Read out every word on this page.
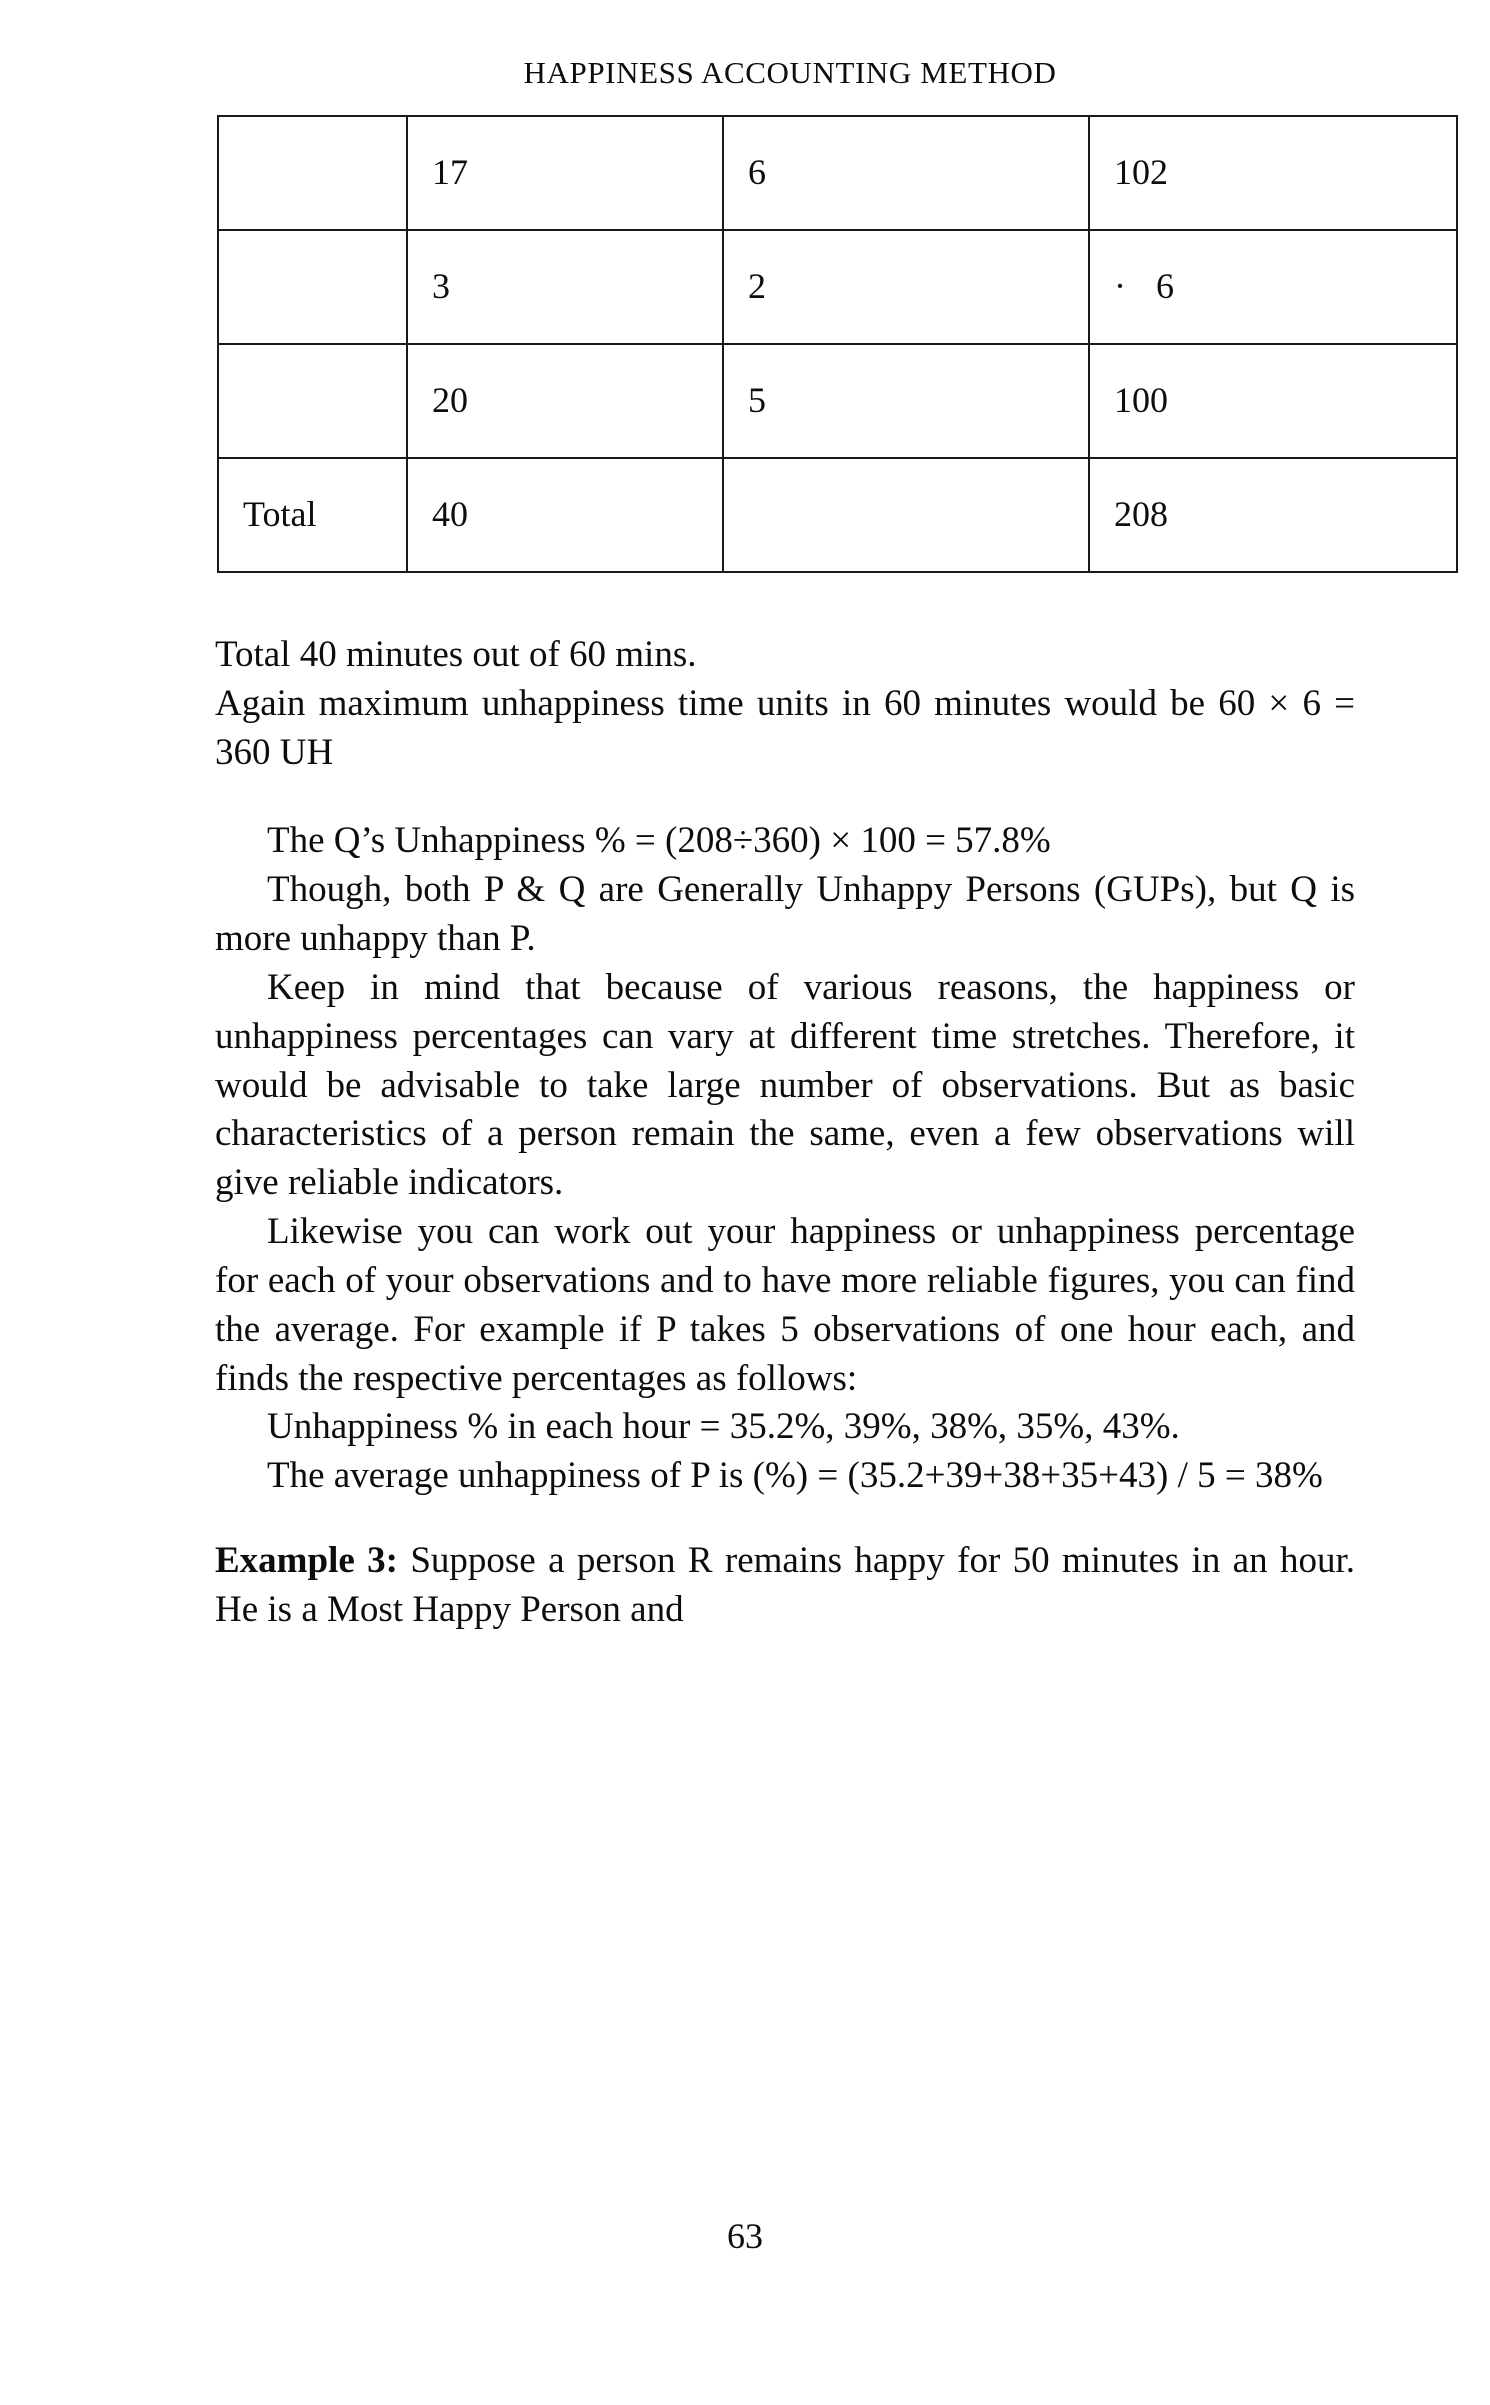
HAPPINESS ACCOUNTING METHOD
	17	6	102
	3	2	· 6
	20	5	100
Total	40		208

Total 40 minutes out of 60 mins.

Again maximum unhappiness time units in 60 minutes would be 60 × 6 = 360 UH

The Q’s Unhappiness % = (208÷360) × 100 = 57.8%

Though, both P & Q are Generally Unhappy Persons (GUPs), but Q is more unhappy than P.

Keep in mind that because of various reasons, the happiness or unhappiness percentages can vary at different time stretches. Therefore, it would be advisable to take large number of observations. But as basic characteristics of a person remain the same, even a few observations will give reliable indicators.

Likewise you can work out your happiness or unhappiness percentage for each of your observations and to have more reliable figures, you can find the average. For example if P takes 5 observations of one hour each, and finds the respective percentages as follows:

Unhappiness % in each hour = 35.2%, 39%, 38%, 35%, 43%.

The average unhappiness of P is (%) = (35.2+39+38+35+43) / 5 = 38%

Example 3: Suppose a person R remains happy for 50 minutes in an hour. He is a Most Happy Person and

63
